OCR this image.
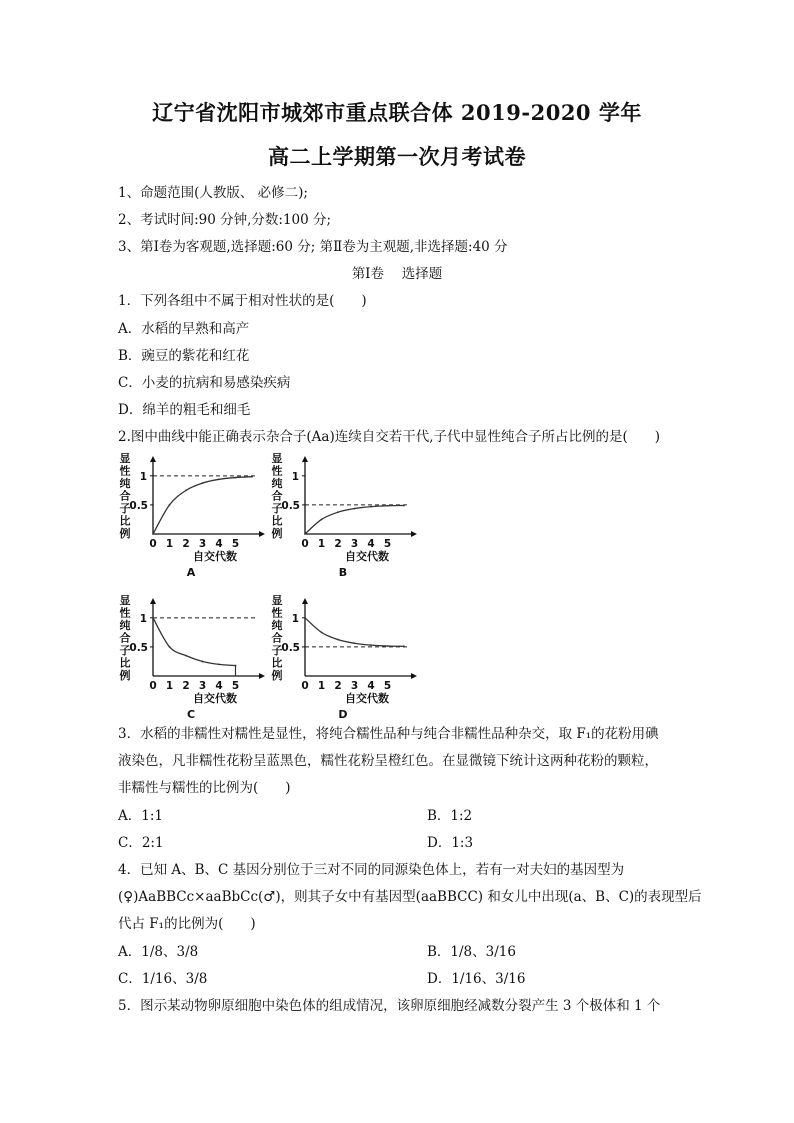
辽宁省沈阳市城郊市重点联合体 2019-2020 学年
高二上学期第一次月考试卷
1、命题范围(人教版、 必修二);
2、考试时间:90 分钟,分数:100 分;
3、第Ⅰ卷为客观题,选择题:60 分; 第Ⅱ卷为主观题,非选择题:40 分
第Ⅰ卷　 选择题
1．下列各组中不属于相对性状的是(　　)
A．水稻的早熟和高产
B．豌豆的紫花和红花
C．小麦的抗病和易感染疾病
D．绵羊的粗毛和细毛
2.图中曲线中能正确表示杂合子(Aa)连续自交若干代,子代中显性纯合子所占比例的是(　　)
显
性
纯
合
子
比
例
1
0.5
0 1 2 3 4 5
自交代数
A
显
性
纯
合
子
比
例
1
0.5
0 1 2 3 4 5
自交代数
B
显
性
纯
合
子
比
例
1
0.5
0 1 2 3 4 5
自交代数
C
显
性
纯
合
子
比
例
1
0.5
0 1 2 3 4 5
自交代数
D
3．水稻的非糯性对糯性是显性，将纯合糯性品种与纯合非糯性品种杂交，取 F₁的花粉用碘
液染色，凡非糯性花粉呈蓝黑色，糯性花粉呈橙红色。在显微镜下统计这两种花粉的颗粒，
非糯性与糯性的比例为(　　)
A．1:1	B．1:2
C．2:1	D．1:3
4．已知 A、B、C 基因分别位于三对不同的同源染色体上，若有一对夫妇的基因型为
(♀)AaBBCc×aaBbCc(♂)，则其子女中有基因型(aaBBCC) 和女儿中出现(a、B、C)的表现型后
代占 F₁的比例为(　　)
A．1/8、3/8	B．1/8、3/16
C．1/16、3/8	D．1/16、3/16
5．图示某动物卵原细胞中染色体的组成情况，该卵原细胞经减数分裂产生 3 个极体和 1 个
